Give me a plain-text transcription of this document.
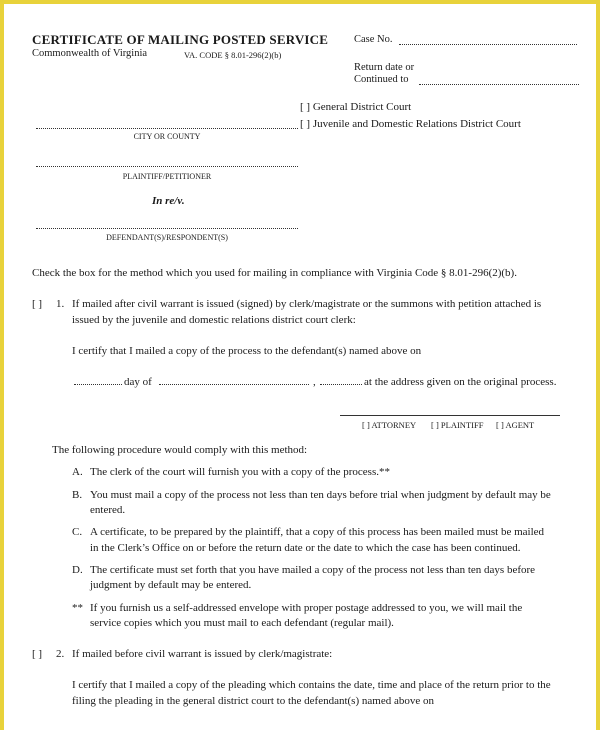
CERTIFICATE OF MAILING POSTED SERVICE
Commonwealth of Virginia	VA. CODE § 8.01-296(2)(b)
Case No.
Return date or
Continued to
[ ] General District Court
[ ] Juvenile and Domestic Relations District Court
CITY OR COUNTY
PLAINTIFF/PETITIONER
In re/v.
DEFENDANT(S)/RESPONDENT(S)
Check the box for the method which you used for mailing in compliance with Virginia Code § 8.01-296(2)(b).
[ ] 1. If mailed after civil warrant is issued (signed) by clerk/magistrate or the summons with petition attached is
issued by the juvenile and domestic relations district court clerk:
I certify that I mailed a copy of the process to the defendant(s) named above on
day of	,	at the address given on the original process.
[ ] ATTORNEY [ ] PLAINTIFF [ ] AGENT
The following procedure would comply with this method:
A. The clerk of the court will furnish you with a copy of the process.**
B. You must mail a copy of the process not less than ten days before trial when judgment by default may be
entered.
C. A certificate, to be prepared by the plaintiff, that a copy of this process has been mailed must be mailed
in the Clerk’s Office on or before the return date or the date to which the case has been continued.
D. The certificate must set forth that you have mailed a copy of the process not less than ten days before
judgment by default may be entered.
** If you furnish us a self-addressed envelope with proper postage addressed to you, we will mail the
service copies which you must mail to each defendant (regular mail).
[ ] 2. If mailed before civil warrant is issued by clerk/magistrate:
I certify that I mailed a copy of the pleading which contains the date, time and place of the return prior to the
filing the pleading in the general district court to the defendant(s) named above on
